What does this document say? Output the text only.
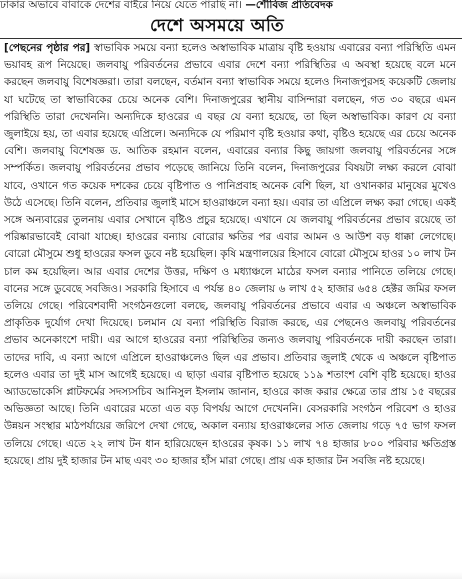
ঢাকার অভাবে বাবাকে দেশের বাইরে নিয়ে যেতে পারছি না। —শৌবিজ প্রতিবেদক
দেশে অসময়ে অতি
[পেছনের পৃষ্ঠার পর] স্বাভাবিক সময়ে বন্যা হলেও অস্বাভাবিক মাত্রায় বৃষ্টি হওয়ায় এবারের বন্যা পরিস্থিতি এমন ভয়াবহ রূপ নিয়েছে। জলবায়ু পরিবর্তনের প্রভাবে এবার দেশে বন্যা পরিস্থিতির এ অবস্থা হয়েছে বলে মনে করছেন জলবায়ু বিশেষজ্ঞরা। তারা বলছেন, বর্তমান বন্যা স্বাভাবিক সময়ে হলেও দিনাজপুরসহ কয়েকটি জেলায় যা ঘটেছে তা স্বাভাবিকের চেয়ে অনেক বেশি। দিনাজপুরের স্থানীয় বাসিন্দারা বলছেন, গত ৩০ বছরে এমন পরিস্থিতি তারা দেখেননি। অন্যদিকে হাওরের এ বছর যে বন্যা হয়েছে, তা ছিল অস্বাভাবিক। কারণ যে বন্যা জুলাইয়ে হয়, তা এবার হয়েছে এপ্রিলে। অন্যদিকে যে পরিমাণ বৃষ্টি হওয়ার কথা, বৃষ্টিও হয়েছে এর চেয়ে অনেক বেশি। জলবায়ু বিশেষজ্ঞ ড. আতিক রহমান বলেন, এবারের বন্যার কিছু জায়গা জলবায়ু পরিবর্তনের সঙ্গে সম্পর্কিত। জলবায়ু পরিবর্তনের প্রভাব পড়েছে জানিয়ে তিনি বলেন, দিনাজপুরের বিষয়টা লক্ষ্য করলে বোঝা যাবে, ওখানে গত কয়েক দশকের চেয়ে বৃষ্টিপাত ও পানিপ্রবাহ অনেক বেশি ছিল, যা ওখানকার মানুষের মুখেও উঠে এসেছে। তিনি বলেন, প্রতিবার জুলাই মাসে হাওরাঞ্চলে বন্যা হয়। এবার তা এপ্রিলে লক্ষ্য করা গেছে। একই সঙ্গে অন্যবারের তুলনায় এবার সেখানে বৃষ্টিও প্রচুর হয়েছে। এখানে যে জলবায়ু পরিবর্তনের প্রভাব রয়েছে তা পরিষ্কারভাবেই বোঝা যাচ্ছে। হাওরের বন্যায় বোরোর ক্ষতির পর এবার আমন ও আউশ বড় ধাক্কা লেগেছে। বোরো মৌসুমে শুধু হাওরের ফসল ডুবে নষ্ট হয়েছিল। কৃষি মন্ত্রণালয়ের হিসাবে বোরো মৌসুমে হাওর ১০ লাখ টন চাল কম হয়েছিল। আর এবার দেশের উত্তর, দক্ষিণ ও মধ্যাঞ্চলে মাঠের ফসল বন্যার পানিতে তলিয়ে গেছে। বানের সঙ্গে ডুবেছে সবজিও। সরকারি হিসাবে এ পর্যন্ত ৪০ জেলায় ৬ লাখ ৫২ হাজার ৬৫৪ হেক্টর জমির ফসল তলিয়ে গেছে। পরিবেশবাদী সংগঠনগুলো বলছে, জলবায়ু পরিবর্তনের প্রভাবে এবার এ অঞ্চলে অস্বাভাবিক প্রাকৃতিক দুর্যোগ দেখা দিয়েছে। চলমান যে বন্যা পরিস্থিতি বিরাজ করছে, এর পেছনেও জলবায়ু পরিবর্তনের প্রভাব অনেকাংশে দায়ী। এর আগে হাওরের বন্যা পরিস্থিতির জন্যও জলবায়ু পরিবর্তনকে দায়ী করছেন তারা। তাদের দাবি, এ বন্যা আগে এপ্রিলে হাওরাঞ্চলেও ছিল এর প্রভাব। প্রতিবার জুলাই থেকে এ অঞ্চলে বৃষ্টিপাত হলেও এবার তা দুই মাস আগেই হয়েছে। এ ছাড়া এবার বৃষ্টিপাত হয়েছে ১১৯ শতাংশ বেশি বৃষ্টি হয়েছে। হাওর অ্যাডভোকেসি প্লাটফর্মের সদস্যসচিব আনিসুল ইসলাম জানান, হাওরে কাজ করার ক্ষেত্রে তার প্রায় ১৫ বছরের অভিজ্ঞতা আছে। তিনি এবারের মতো এত বড় বিপর্যয় আগে দেখেননি। বেসরকারি সংগঠন পরিবেশ ও হাওর উন্নয়ন সংস্থার মাঠপর্যায়ের জরিপে দেখা গেছে, অকাল বন্যায় হাওরাঞ্চলের সাত জেলায় গড়ে ৭৫ ভাগ ফসল তলিয়ে গেছে। এতে ২২ লাখ টন ধান হারিয়েছেন হাওরের কৃষক। ১১ লাখ ৭৪ হাজার ৮০০ পরিবার ক্ষতিগ্রস্ত হয়েছে। প্রায় দুই হাজার টন মাছ এবং ৩০ হাজার হাঁস মারা গেছে। প্রায় এক হাজার টন সবজি নষ্ট হয়েছে।
